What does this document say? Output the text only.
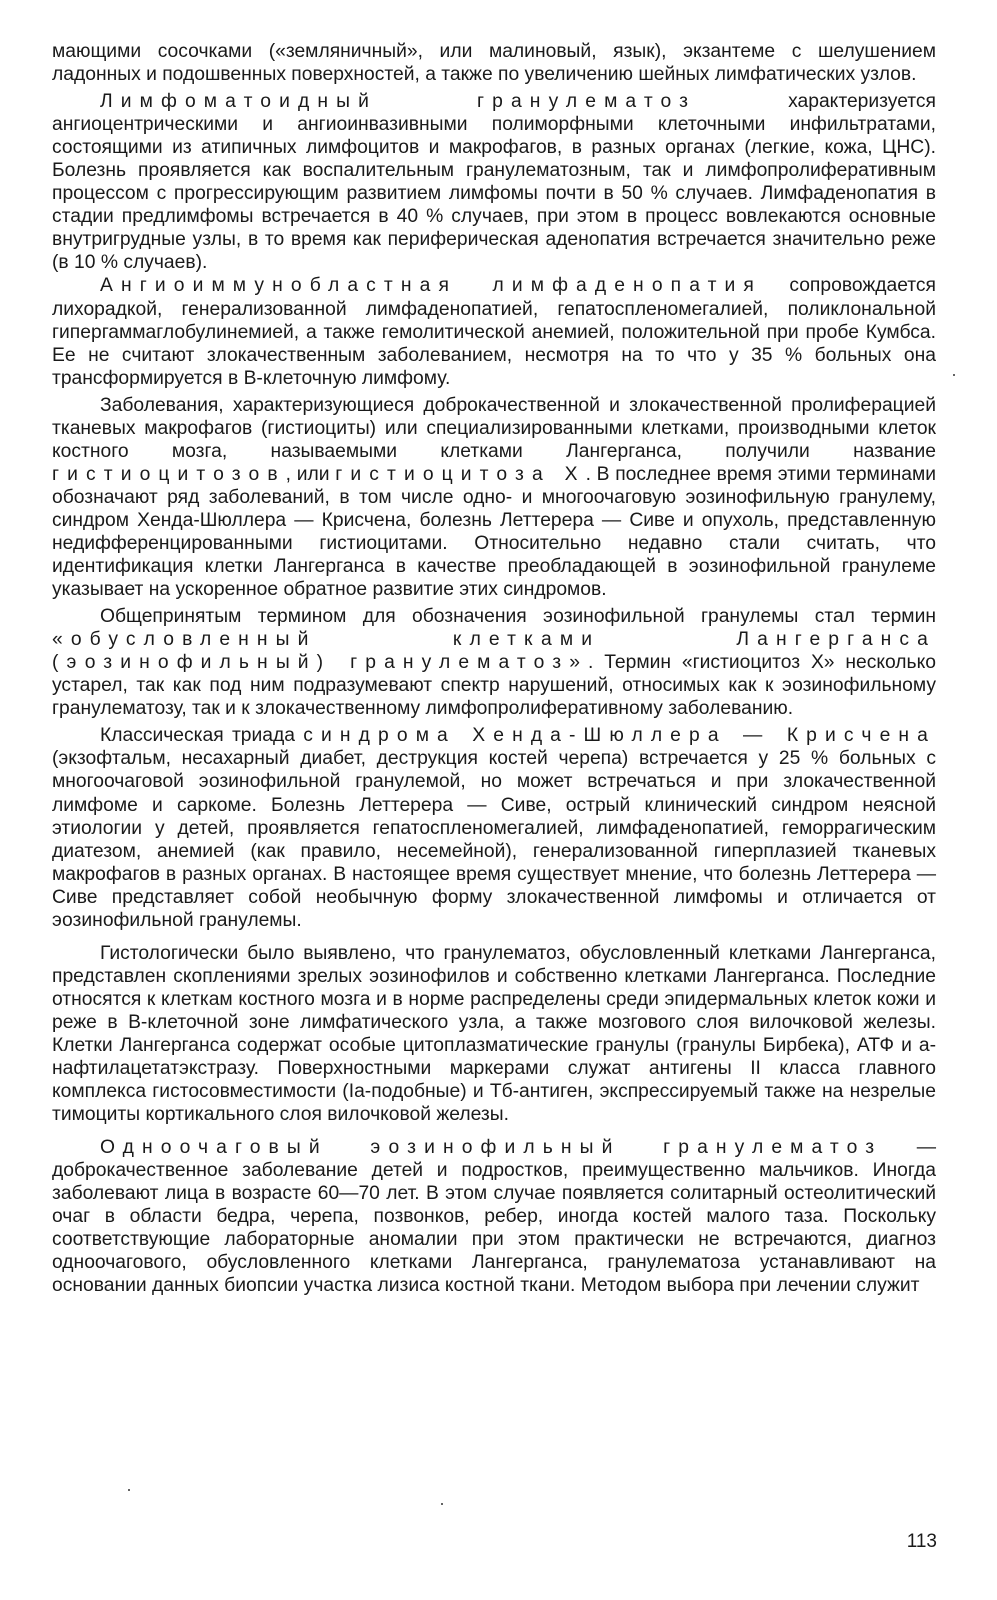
мающими сосочками («земляничный», или малиновый, язык), экзантеме с шелушением ладонных и подошвенных поверхностей, а также по увеличению шейных лимфатических узлов.

Лимфоматоидный гранулематоз характеризуется ангиоцентрическими и ангиоинвазивными полиморфными клеточными инфильтратами, состоящими из атипичных лимфоцитов и макрофагов, в разных органах (легкие, кожа, ЦНС). Болезнь проявляется как воспалительным гранулематозным, так и лимфопролиферативным процессом с прогрессирующим развитием лимфомы почти в 50 % случаев. Лимфаденопатия в стадии предлимфомы встречается в 40 % случаев, при этом в процесс вовлекаются основные внутригрудные узлы, в то время как периферическая аденопатия встречается значительно реже (в 10 % случаев).

Ангиоиммунобластная лимфаденопатия сопровождается лихорадкой, генерализованной лимфаденопатией, гепатоспленомегалией, поликлональной гипергаммаглобулинемией, а также гемолитической анемией, положительной при пробе Кумбса. Ее не считают злокачественным заболеванием, несмотря на то что у 35 % больных она трансформируется в В-клеточную лимфому.

Заболевания, характеризующиеся доброкачественной и злокачественной пролиферацией тканевых макрофагов (гистиоциты) или специализированными клетками, производными клеток костного мозга, называемыми клетками Лангерганса, получили название гистиоцитозов, или гистиоцитоза Х. В последнее время этими терминами обозначают ряд заболеваний, в том числе одно- и многоочаговую эозинофильную гранулему, синдром Хенда-Шюллера — Крисчена, болезнь Леттерера — Сиве и опухоль, представленную недифференцированными гистиоцитами. Относительно недавно стали считать, что идентификация клетки Лангерганса в качестве преобладающей в эозинофильной гранулеме указывает на ускоренное обратное развитие этих синдромов.

Общепринятым термином для обозначения эозинофильной гранулемы стал термин «обусловленный клетками Лангерганса (эозинофильный) гранулематоз». Термин «гистиоцитоз Х» несколько устарел, так как под ним подразумевают спектр нарушений, относимых как к эозинофильному гранулематозу, так и к злокачественному лимфопролиферативному заболеванию.

Классическая триада синдрома Хенда-Шюллера — Крисчена (экзофтальм, несахарный диабет, деструкция костей черепа) встречается у 25 % больных с многоочаговой эозинофильной гранулемой, но может встречаться и при злокачественной лимфоме и саркоме. Болезнь Леттерера — Сиве, острый клинический синдром неясной этиологии у детей, проявляется гепатоспленомегалией, лимфаденопатией, геморрагическим диатезом, анемией (как правило, несемейной), генерализованной гиперплазией тканевых макрофагов в разных органах. В настоящее время существует мнение, что болезнь Леттерера — Сиве представляет собой необычную форму злокачественной лимфомы и отличается от эозинофильной гранулемы.

Гистологически было выявлено, что гранулематоз, обусловленный клетками Лангерганса, представлен скоплениями зрелых эозинофилов и собственно клетками Лангерганса. Последние относятся к клеткам костного мозга и в норме распределены среди эпидермальных клеток кожи и реже в В-клеточной зоне лимфатического узла, а также мозгового слоя вилочковой железы. Клетки Лангерганса содержат особые цитоплазматические гранулы (гранулы Бирбека), АТФ и а-нафтилацетатэкстразу. Поверхностными маркерами служат антигены II класса главного комплекса гистосовместимости (Ia-подобные) и Тб-антиген, экспрессируемый также на незрелые тимоциты кортикального слоя вилочковой железы.

Одноочаговый эозинофильный гранулематоз — доброкачественное заболевание детей и подростков, преимущественно мальчиков. Иногда заболевают лица в возрасте 60—70 лет. В этом случае появляется солитарный остеолитический очаг в области бедра, черепа, позвонков, ребер, иногда костей малого таза. Поскольку соответствующие лабораторные аномалии при этом практически не встречаются, диагноз одноочагового, обусловленного клетками Лангерганса, гранулематоза устанавливают на основании данных биопсии участка лизиса костной ткани. Методом выбора при лечении служит

113
